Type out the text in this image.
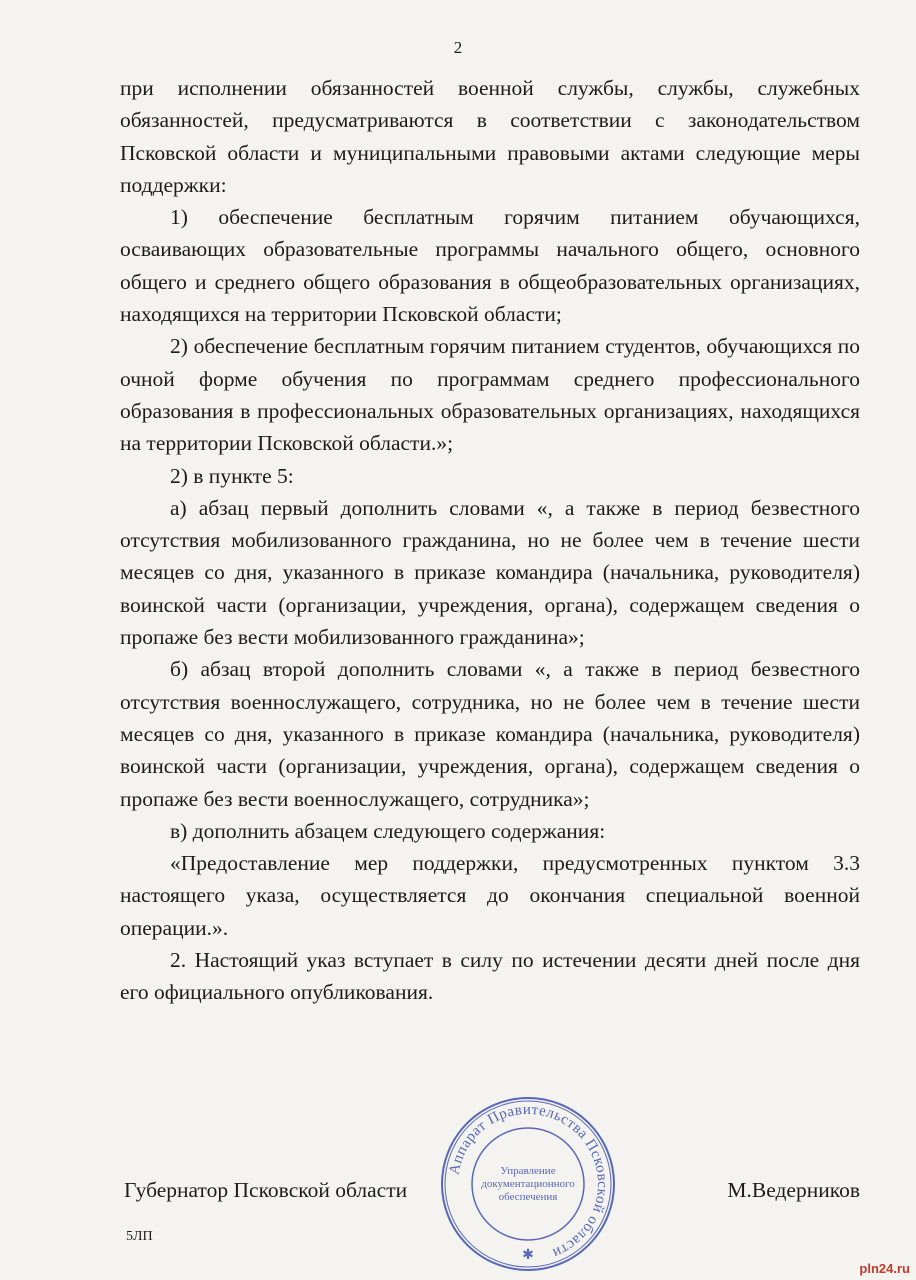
2

при исполнении обязанностей военной службы, службы, служебных обязанностей, предусматриваются в соответствии с законодательством Псковской области и муниципальными правовыми актами следующие меры поддержки:

1) обеспечение бесплатным горячим питанием обучающихся, осваивающих образовательные программы начального общего, основного общего и среднего общего образования в общеобразовательных организациях, находящихся на территории Псковской области;

2) обеспечение бесплатным горячим питанием студентов, обучающихся по очной форме обучения по программам среднего профессионального образования в профессиональных образовательных организациях, находящихся на территории Псковской области.»;

2) в пункте 5:

а) абзац первый дополнить словами «, а также в период безвестного отсутствия мобилизованного гражданина, но не более чем в течение шести месяцев со дня, указанного в приказе командира (начальника, руководителя) воинской части (организации, учреждения, органа), содержащем сведения о пропаже без вести мобилизованного гражданина»;

б) абзац второй дополнить словами «, а также в период безвестного отсутствия военнослужащего, сотрудника, но не более чем в течение шести месяцев со дня, указанного в приказе командира (начальника, руководителя) воинской части (организации, учреждения, органа), содержащем сведения о пропаже без вести военнослужащего, сотрудника»;

в) дополнить абзацем следующего содержания:

«Предоставление мер поддержки, предусмотренных пунктом 3.3 настоящего указа, осуществляется до окончания специальной военной операции.».

2. Настоящий указ вступает в силу по истечении десяти дней после дня его официального опубликования.

Аппарат Правительства Псковской области
Управление
документационного
обеспечения
✱
Губернатор Псковской области	М.Ведерников
5ЛП
pln24.ru
